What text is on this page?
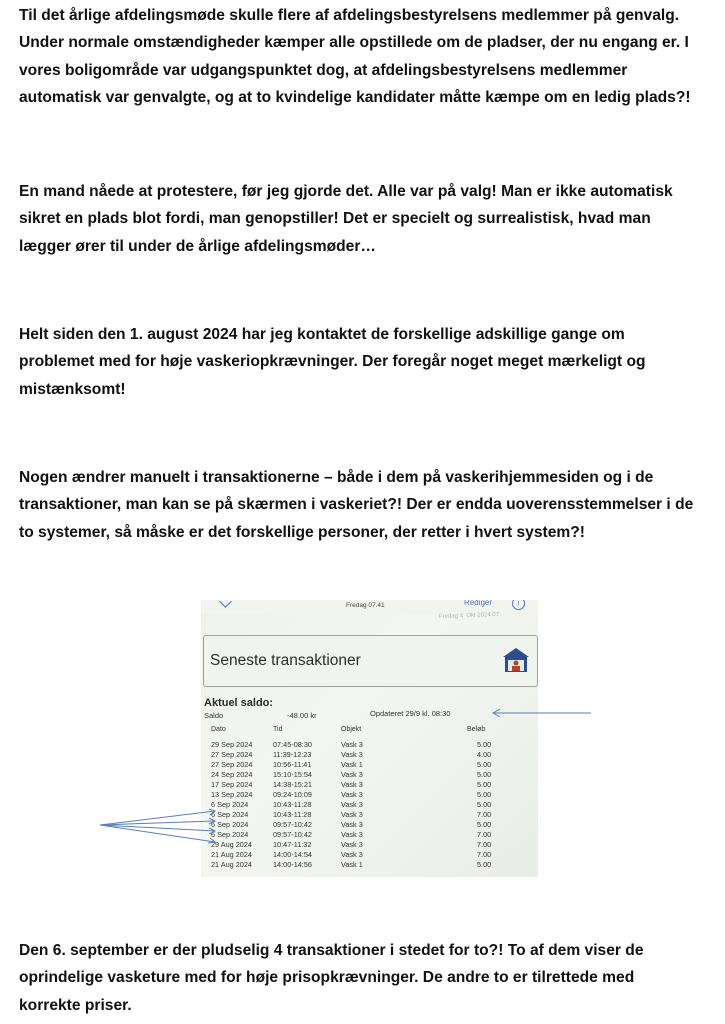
Til det årlige afdelingsmøde skulle flere af afdelingsbestyrelsens medlemmer på genvalg.
Under normale omstændigheder kæmper alle opstillede om de pladser, der nu engang er. I
vores boligområde var udgangspunktet dog, at afdelingsbestyrelsens medlemmer
automatisk var genvalgte, og at to kvindelige kandidater måtte kæmpe om en ledig plads?!

En mand nåede at protestere, før jeg gjorde det. Alle var på valg! Man er ikke automatisk
sikret en plads blot fordi, man genopstiller! Det er specielt og surrealistisk, hvad man
lægger ører til under de årlige afdelingsmøder…

Helt siden den 1. august 2024 har jeg kontaktet de forskellige adskillige gange om
problemet med for høje vaskeriopkrævninger. Der foregår noget meget mærkeligt og
mistænksomt!

Nogen ændrer manuelt i transaktionerne – både i dem på vaskerihjemmesiden og i de
transaktioner, man kan se på skærmen i vaskeriet?! Der er endda uoverensstemmelser i de
to systemer, så måske er det forskellige personer, der retter i hvert system?!

Fredag 07.41	Rediger	i
Fredag 4. Okt 2024 07
Seneste transaktioner
Aktuel saldo:
Saldo	-48.00 kr	Opdateret 29/9 kl. 08:30
Dato	Tid	Objekt	Beløb
29 Sep 2024	07:45-08:30	Vask 3	5.00
27 Sep 2024	11:39-12:23	Vask 3	4.00
27 Sep 2024	10:56-11:41	Vask 1	5.00
24 Sep 2024	15:10-15:54	Vask 3	5.00
17 Sep 2024	14:38-15:21	Vask 3	5.00
13 Sep 2024	09:24-10:09	Vask 3	5.00
6 Sep 2024	10:43-11:28	Vask 3	5.00
6 Sep 2024	10:43-11:28	Vask 3	7.00
6 Sep 2024	09:57-10:42	Vask 3	5.00
6 Sep 2024	09:57-10:42	Vask 3	7.00
29 Aug 2024	10:47-11:32	Vask 3	7.00
21 Aug 2024	14:00-14:54	Vask 3	7.00
21 Aug 2024	14:00-14:56	Vask 1	5.00

Den 6. september er der pludselig 4 transaktioner i stedet for to?! To af dem viser de
oprindelige vasketure med for høje prisopkrævninger. De andre to er tilrettede med
korrekte priser.
